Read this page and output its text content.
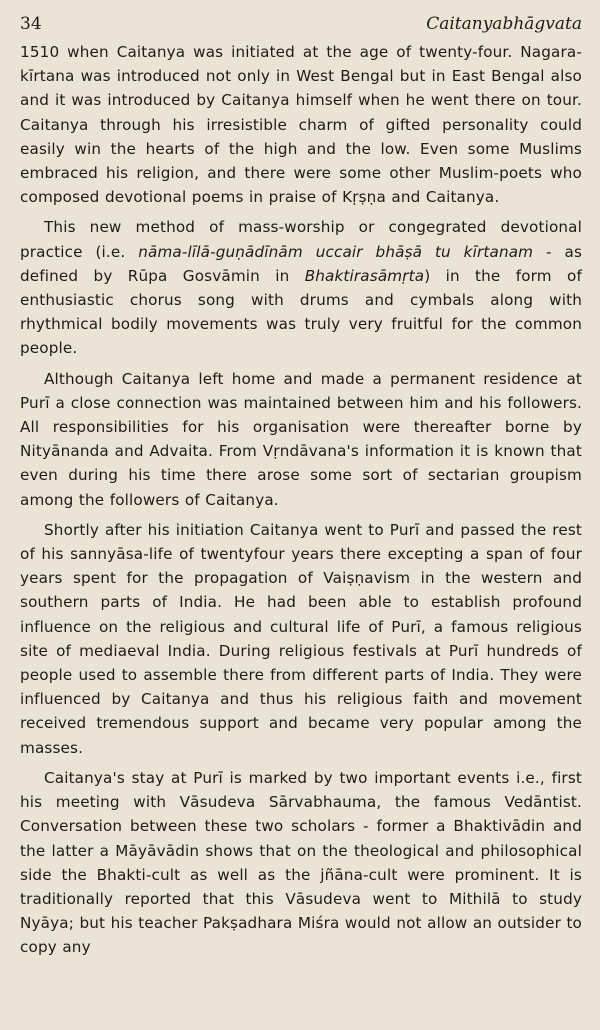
34	Caitanyabhāgvata

1510 when Caitanya was initiated at the age of twenty-four. Nagara-kīrtana was introduced not only in West Bengal but in East Bengal also and it was introduced by Caitanya himself when he went there on tour. Caitanya through his irresistible charm of gifted personality could easily win the hearts of the high and the low. Even some Muslims embraced his religion, and there were some other Muslim-poets who composed devotional poems in praise of Kṛṣṇa and Caitanya.

This new method of mass-worship or congegrated devotional practice (i.e. nāma-līlā-guṇādīnām uccair bhāṣā tu kīrtanam - as defined by Rūpa Gosvāmin in Bhaktirasāmṛta) in the form of enthusiastic chorus song with drums and cymbals along with rhythmical bodily movements was truly very fruitful for the common people.

Although Caitanya left home and made a permanent residence at Purī a close connection was maintained between him and his followers. All responsibilities for his organisation were thereafter borne by Nityānanda and Advaita. From Vṛndāvana's information it is known that even during his time there arose some sort of sectarian groupism among the followers of Caitanya.

Shortly after his initiation Caitanya went to Purī and passed the rest of his sannyāsa-life of twentyfour years there excepting a span of four years spent for the propagation of Vaiṣṇavism in the western and southern parts of India. He had been able to establish profound influence on the religious and cultural life of Purī, a famous religious site of mediaeval India. During religious festivals at Purī hundreds of people used to assemble there from different parts of India. They were influenced by Caitanya and thus his religious faith and movement received tremendous support and became very popular among the masses.

Caitanya's stay at Purī is marked by two important events i.e., first his meeting with Vāsudeva Sārvabhauma, the famous Vedāntist. Conversation between these two scholars - former a Bhaktivādin and the latter a Māyāvādin shows that on the theological and philosophical side the Bhakti-cult as well as the jñāna-cult were prominent. It is traditionally reported that this Vāsudeva went to Mithilā to study Nyāya; but his teacher Pakṣadhara Miśra would not allow an outsider to copy any
